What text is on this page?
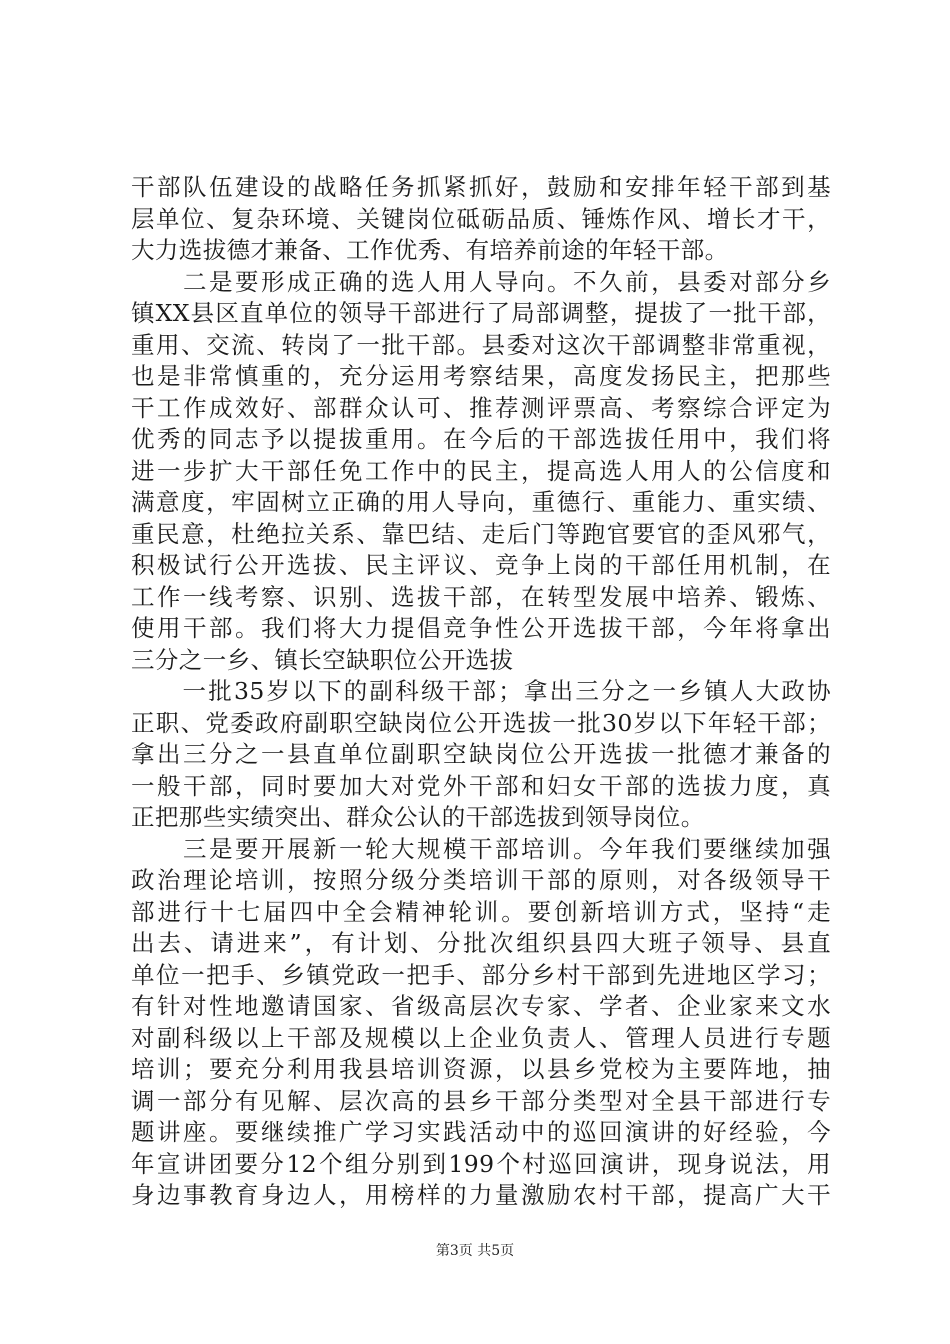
干部队伍建设的战略任务抓紧抓好，鼓励和安排年轻干部到基
层单位、复杂环境、关键岗位砥砺品质、锤炼作风、增长才干，
大力选拔德才兼备、工作优秀、有培养前途的年轻干部。
　　二是要形成正确的选人用人导向。不久前，县委对部分乡
镇XX县区直单位的领导干部进行了局部调整，提拔了一批干部，
重用、交流、转岗了一批干部。县委对这次干部调整非常重视，
也是非常慎重的，充分运用考察结果，高度发扬民主，把那些
干工作成效好、部群众认可、推荐测评票高、考察综合评定为
优秀的同志予以提拔重用。在今后的干部选拔任用中，我们将
进一步扩大干部任免工作中的民主，提高选人用人的公信度和
满意度，牢固树立正确的用人导向，重德行、重能力、重实绩、
重民意，杜绝拉关系、靠巴结、走后门等跑官要官的歪风邪气，
积极试行公开选拔、民主评议、竞争上岗的干部任用机制，在
工作一线考察、识别、选拔干部，在转型发展中培养、锻炼、
使用干部。我们将大力提倡竞争性公开选拔干部，今年将拿出
三分之一乡、镇长空缺职位公开选拔
　　一批35岁以下的副科级干部；拿出三分之一乡镇人大政协
正职、党委政府副职空缺岗位公开选拔一批30岁以下年轻干部；
拿出三分之一县直单位副职空缺岗位公开选拔一批德才兼备的
一般干部，同时要加大对党外干部和妇女干部的选拔力度，真
正把那些实绩突出、群众公认的干部选拔到领导岗位。
　　三是要开展新一轮大规模干部培训。今年我们要继续加强
政治理论培训，按照分级分类培训干部的原则，对各级领导干
部进行十七届四中全会精神轮训。要创新培训方式，坚持“走
出去、请进来”，有计划、分批次组织县四大班子领导、县直
单位一把手、乡镇党政一把手、部分乡村干部到先进地区学习；
有针对性地邀请国家、省级高层次专家、学者、企业家来文水
对副科级以上干部及规模以上企业负责人、管理人员进行专题
培训；要充分利用我县培训资源，以县乡党校为主要阵地，抽
调一部分有见解、层次高的县乡干部分类型对全县干部进行专
题讲座。要继续推广学习实践活动中的巡回演讲的好经验，今
年宣讲团要分12个组分别到199个村巡回演讲，现身说法，用
身边事教育身边人，用榜样的力量激励农村干部，提高广大干
第3页 共5页
